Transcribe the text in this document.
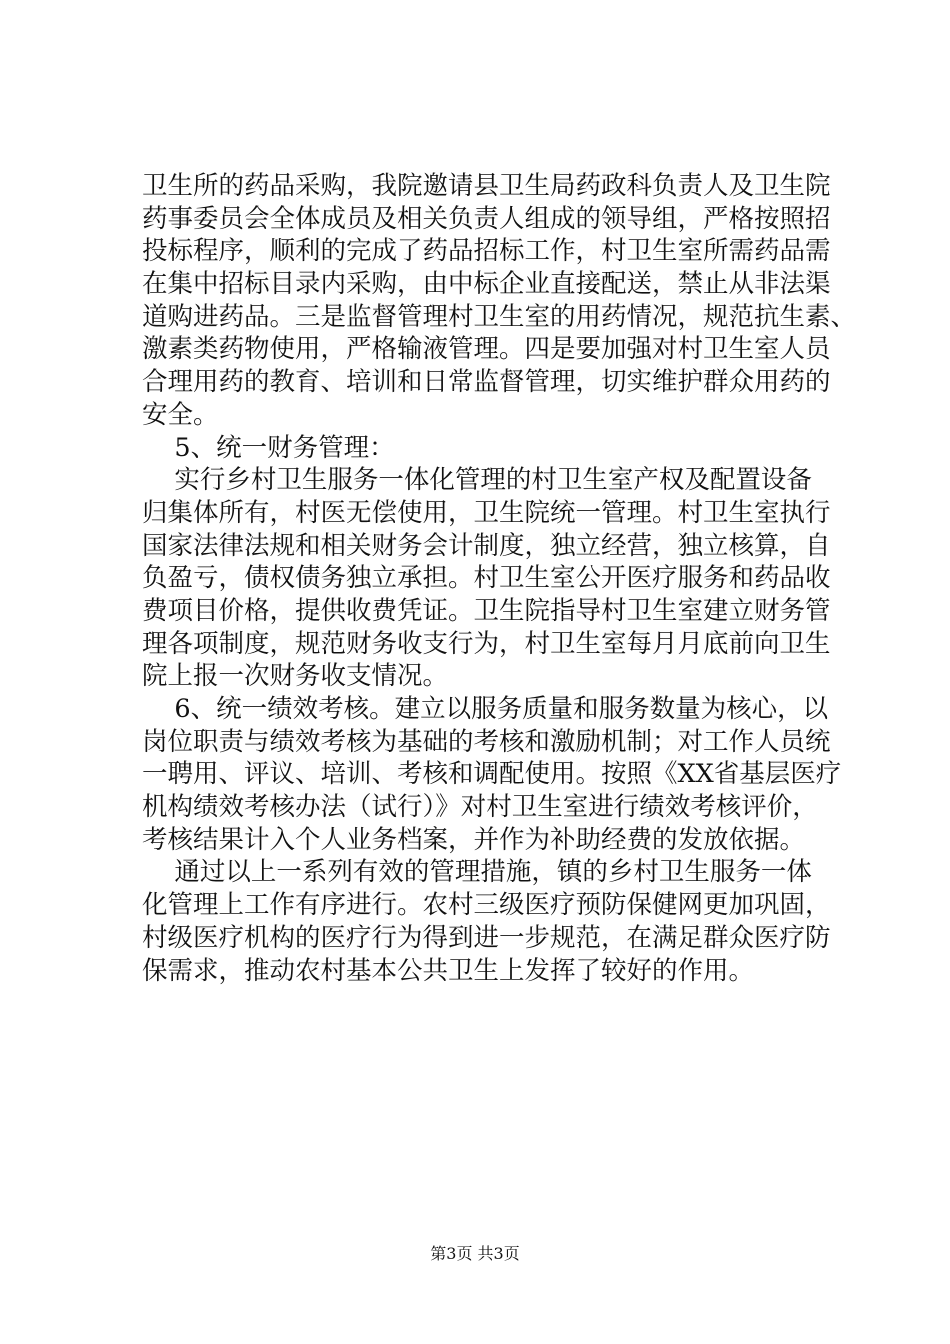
卫生所的药品采购，我院邀请县卫生局药政科负责人及卫生院
药事委员会全体成员及相关负责人组成的领导组，严格按照招
投标程序，顺利的完成了药品招标工作，村卫生室所需药品需
在集中招标目录内采购，由中标企业直接配送，禁止从非法渠
道购进药品。三是监督管理村卫生室的用药情况，规范抗生素、
激素类药物使用，严格输液管理。四是要加强对村卫生室人员
合理用药的教育、培训和日常监督管理，切实维护群众用药的
安全。
5、统一财务管理：
实行乡村卫生服务一体化管理的村卫生室产权及配置设备
归集体所有，村医无偿使用，卫生院统一管理。村卫生室执行
国家法律法规和相关财务会计制度，独立经营，独立核算，自
负盈亏，债权债务独立承担。村卫生室公开医疗服务和药品收
费项目价格，提供收费凭证。卫生院指导村卫生室建立财务管
理各项制度，规范财务收支行为，村卫生室每月月底前向卫生
院上报一次财务收支情况。
6、统一绩效考核。建立以服务质量和服务数量为核心，以
岗位职责与绩效考核为基础的考核和激励机制；对工作人员统
一聘用、评议、培训、考核和调配使用。按照《XX省基层医疗
机构绩效考核办法（试行）》对村卫生室进行绩效考核评价，
考核结果计入个人业务档案，并作为补助经费的发放依据。
通过以上一系列有效的管理措施，镇的乡村卫生服务一体
化管理上工作有序进行。农村三级医疗预防保健网更加巩固，
村级医疗机构的医疗行为得到进一步规范，在满足群众医疗防
保需求，推动农村基本公共卫生上发挥了较好的作用。
第3页 共3页
